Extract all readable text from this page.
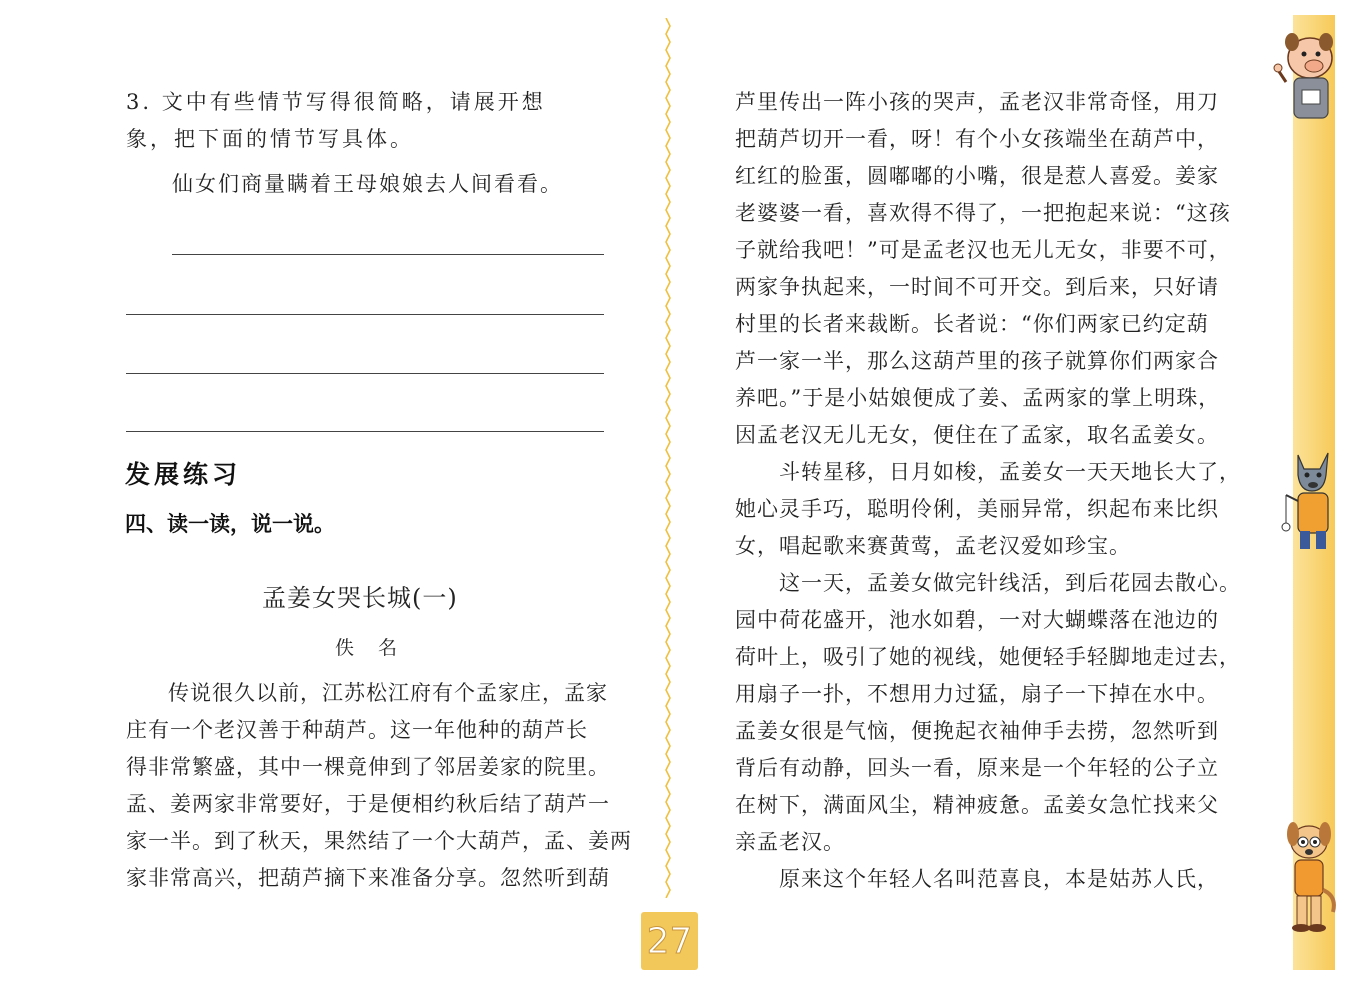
3. 文中有些情节写得很简略，请展开想
象，把下面的情节写具体。
仙女们商量瞒着王母娘娘去人间看看。
发展练习
四、读一读，说一说。
孟姜女哭长城(一)
佚名
传说很久以前，江苏松江府有个孟家庄，孟家
庄有一个老汉善于种葫芦。这一年他种的葫芦长
得非常繁盛，其中一棵竟伸到了邻居姜家的院里。
孟、姜两家非常要好，于是便相约秋后结了葫芦一
家一半。到了秋天，果然结了一个大葫芦，孟、姜两
家非常高兴，把葫芦摘下来准备分享。忽然听到葫
芦里传出一阵小孩的哭声，孟老汉非常奇怪，用刀
把葫芦切开一看，呀！有个小女孩端坐在葫芦中，
红红的脸蛋，圆嘟嘟的小嘴，很是惹人喜爱。姜家
老婆婆一看，喜欢得不得了，一把抱起来说：“这孩
子就给我吧！”可是孟老汉也无儿无女，非要不可，
两家争执起来，一时间不可开交。到后来，只好请
村里的长者来裁断。长者说：“你们两家已约定葫
芦一家一半，那么这葫芦里的孩子就算你们两家合
养吧。”于是小姑娘便成了姜、孟两家的掌上明珠，
因孟老汉无儿无女，便住在了孟家，取名孟姜女。
　　斗转星移，日月如梭，孟姜女一天天地长大了，
她心灵手巧，聪明伶俐，美丽异常，织起布来比织
女，唱起歌来赛黄莺，孟老汉爱如珍宝。
　　这一天，孟姜女做完针线活，到后花园去散心。
园中荷花盛开，池水如碧，一对大蝴蝶落在池边的
荷叶上，吸引了她的视线，她便轻手轻脚地走过去，
用扇子一扑，不想用力过猛，扇子一下掉在水中。
孟姜女很是气恼，便挽起衣袖伸手去捞，忽然听到
背后有动静，回头一看，原来是一个年轻的公子立
在树下，满面风尘，精神疲惫。孟姜女急忙找来父
亲孟老汉。
　　原来这个年轻人名叫范喜良，本是姑苏人氏，
27
